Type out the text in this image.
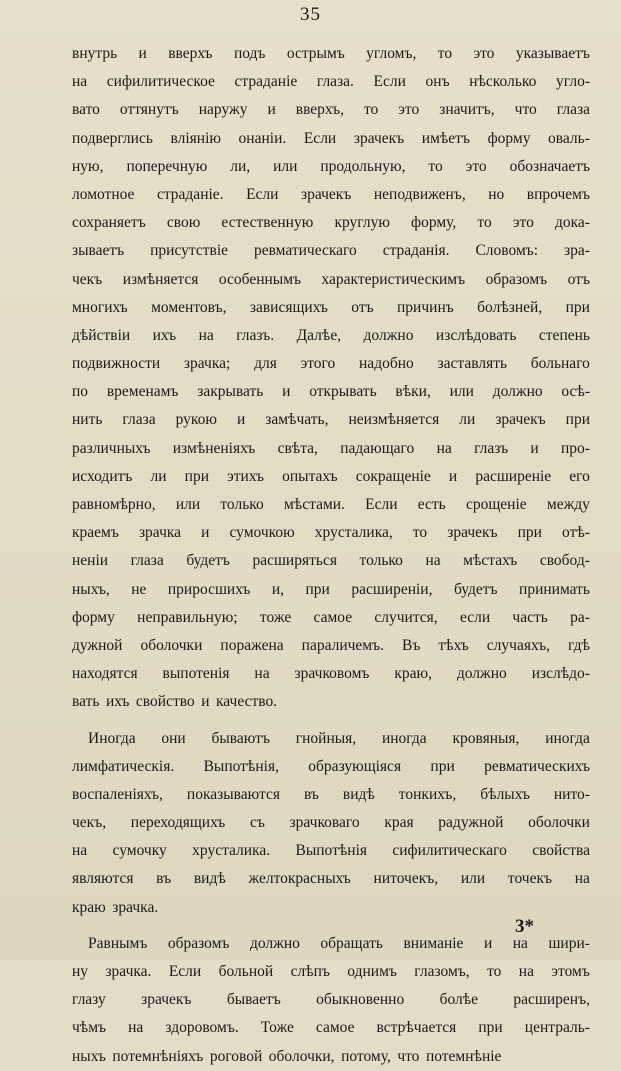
35
внутрь и вверхъ подъ острымъ угломъ, то это указываетъ
на сифилитическое страданіе глаза. Если онъ нѣсколько угло-
вато оттянутъ наружу и вверхъ, то это значитъ, что глаза
подверглись вліянію онаніи. Если зрачекъ имѣетъ форму оваль-
ную, поперечную ли, или продольную, то это обозначаетъ
ломотное страданіе. Если зрачекъ неподвиженъ, но впрочемъ
сохраняетъ свою естественную круглую форму, то это дока-
зываетъ присутствіе ревматическаго страданія. Словомъ: зра-
чекъ измѣняется особеннымъ характеристическимъ образомъ отъ
многихъ моментовъ, зависящихъ отъ причинъ болѣзней, при
дѣйствіи ихъ на глазъ. Далѣе, должно изслѣдовать степень
подвижности зрачка; для этого надобно заставлять больнаго
по временамъ закрывать и открывать вѣки, или должно осѣ-
нить глаза рукою и замѣчать, неизмѣняется ли зрачекъ при
различныхъ измѣненіяхъ свѣта, падающаго на глазъ и про-
исходитъ ли при этихъ опытахъ сокращеніе и расширеніе его
равномѣрно, или только мѣстами. Если есть срощеніе между
краемъ зрачка и сумочкою хрусталика, то зрачекъ при отѣ-
неніи глаза будетъ расширяться только на мѣстахъ свобод-
ныхъ, не приросшихъ и, при расширеніи, будетъ принимать
форму неправильную; тоже самое случится, если часть ра-
дужной оболочки поражена параличемъ. Въ тѣхъ случаяхъ, гдѣ
находятся выпотенія на зрачковомъ краю, должно изслѣдо-
вать ихъ свойство и качество.
Иногда они бываютъ гнойныя, иногда кровяныя, иногда
лимфатическія. Выпотѣнія, образующіяся при ревматическихъ
воспаленіяхъ, показываются въ видѣ тонкихъ, бѣлыхъ нито-
чекъ, переходящихъ съ зрачковаго края радужной оболочки
на сумочку хрусталика. Выпотѣнія сифилитическаго свойства
являются въ видѣ желтокрасныхъ ниточекъ, или точекъ на
краю зрачка.
Равнымъ образомъ должно обращать вниманіе и на шири-
ну зрачка. Если больной слѣпъ однимъ глазомъ, то на этомъ
глазу зрачекъ бываетъ обыкновенно болѣе расширенъ,
чѣмъ на здоровомъ. Тоже самое встрѣчается при централь-
ныхъ потемнѣніяхъ роговой оболочки, потому, что потемнѣніе
3*
